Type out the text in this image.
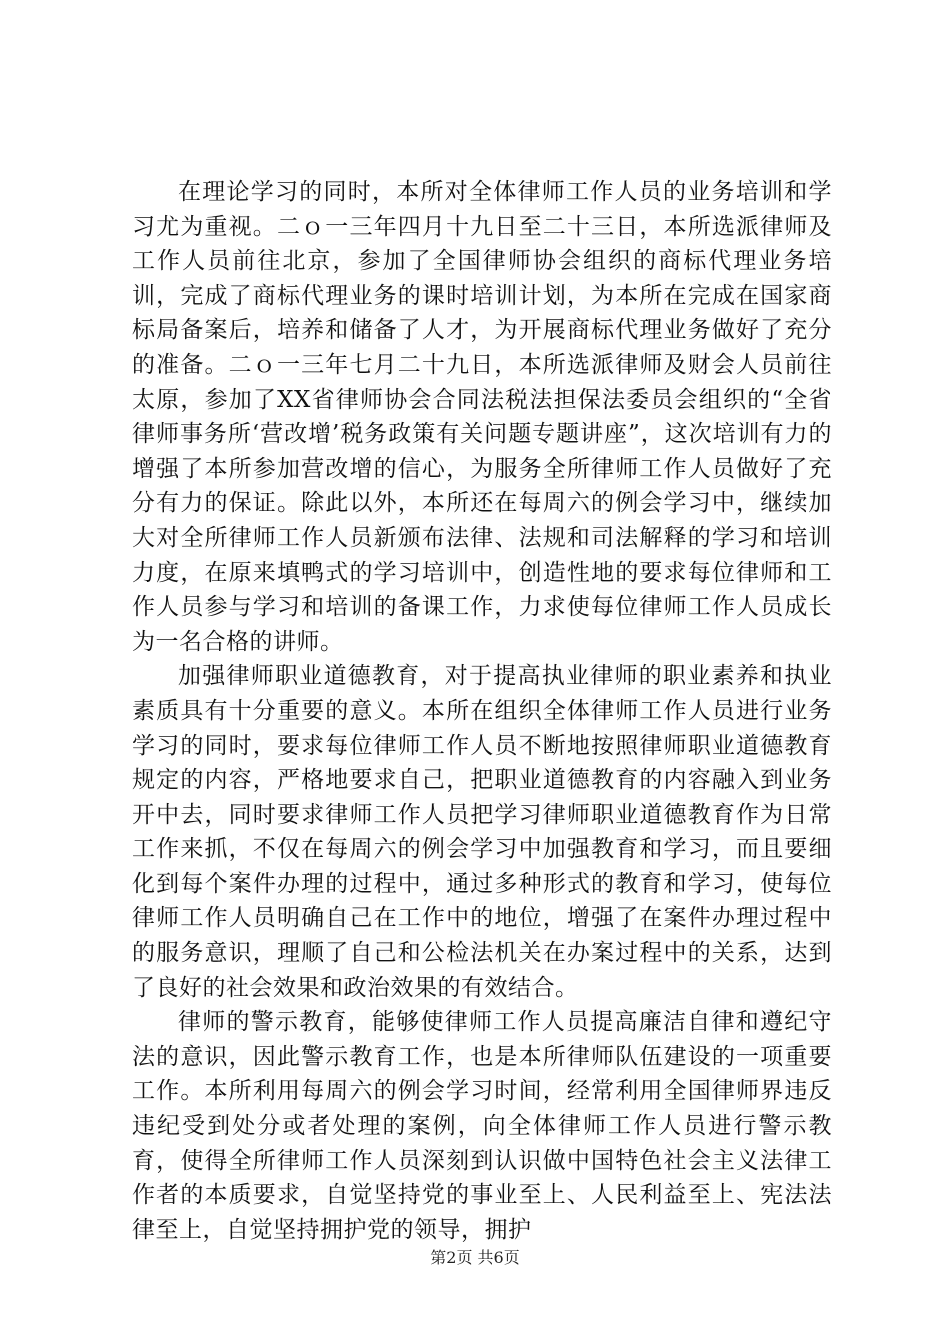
在理论学习的同时，本所对全体律师工作人员的业务培训和学习尤为重视。二ｏ一三年四月十九日至二十三日，本所选派律师及工作人员前往北京，参加了全国律师协会组织的商标代理业务培训，完成了商标代理业务的课时培训计划，为本所在完成在国家商标局备案后，培养和储备了人才，为开展商标代理业务做好了充分的准备。二ｏ一三年七月二十九日，本所选派律师及财会人员前往太原，参加了XX省律师协会合同法税法担保法委员会组织的“全省律师事务所‘营改增’税务政策有关问题专题讲座”，这次培训有力的增强了本所参加营改增的信心，为服务全所律师工作人员做好了充分有力的保证。除此以外，本所还在每周六的例会学习中，继续加大对全所律师工作人员新颁布法律、法规和司法解释的学习和培训力度，在原来填鸭式的学习培训中，创造性地的要求每位律师和工作人员参与学习和培训的备课工作，力求使每位律师工作人员成长为一名合格的讲师。

加强律师职业道德教育，对于提高执业律师的职业素养和执业素质具有十分重要的意义。本所在组织全体律师工作人员进行业务学习的同时，要求每位律师工作人员不断地按照律师职业道德教育规定的内容，严格地要求自己，把职业道德教育的内容融入到业务开中去，同时要求律师工作人员把学习律师职业道德教育作为日常工作来抓，不仅在每周六的例会学习中加强教育和学习，而且要细化到每个案件办理的过程中，通过多种形式的教育和学习，使每位律师工作人员明确自己在工作中的地位，增强了在案件办理过程中的服务意识，理顺了自己和公检法机关在办案过程中的关系，达到了良好的社会效果和政治效果的有效结合。

律师的警示教育，能够使律师工作人员提高廉洁自律和遵纪守法的意识，因此警示教育工作，也是本所律师队伍建设的一项重要工作。本所利用每周六的例会学习时间，经常利用全国律师界违反违纪受到处分或者处理的案例，向全体律师工作人员进行警示教育，使得全所律师工作人员深刻到认识做中国特色社会主义法律工作者的本质要求，自觉坚持党的事业至上、人民利益至上、宪法法律至上，自觉坚持拥护党的领导，拥护

第2页 共6页
